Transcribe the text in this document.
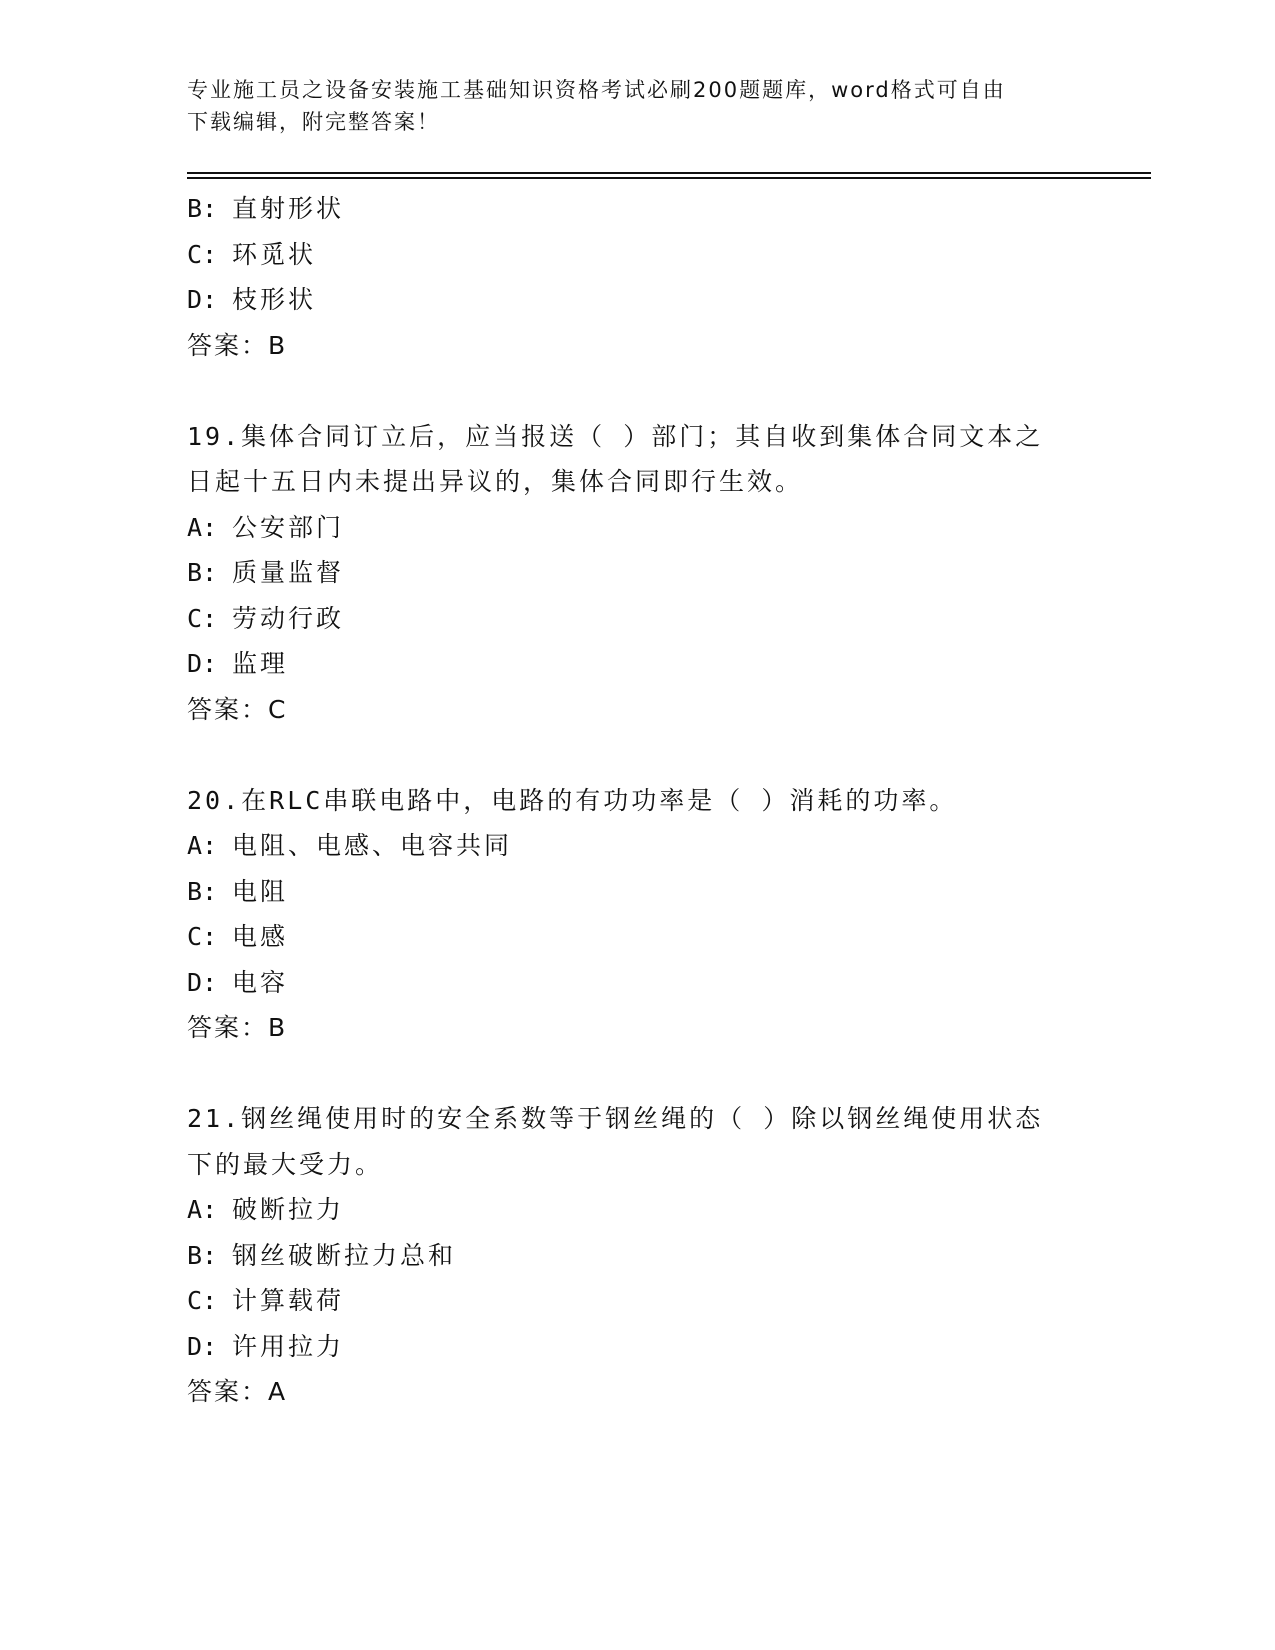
专业施工员之设备安装施工基础知识资格考试必刷200题题库，word格式可自由
下载编辑，附完整答案！
B: 直射形状
C: 环觅状
D: 枝形状
答案：B
19.集体合同订立后，应当报送（ ）部门；其自收到集体合同文本之
日起十五日内未提出异议的，集体合同即行生效。
A: 公安部门
B: 质量监督
C: 劳动行政
D: 监理
答案：C
20.在RLC串联电路中，电路的有功功率是（ ）消耗的功率。
A: 电阻、电感、电容共同
B: 电阻
C: 电感
D: 电容
答案：B
21.钢丝绳使用时的安全系数等于钢丝绳的（ ）除以钢丝绳使用状态
下的最大受力。
A: 破断拉力
B: 钢丝破断拉力总和
C: 计算载荷
D: 许用拉力
答案：A
